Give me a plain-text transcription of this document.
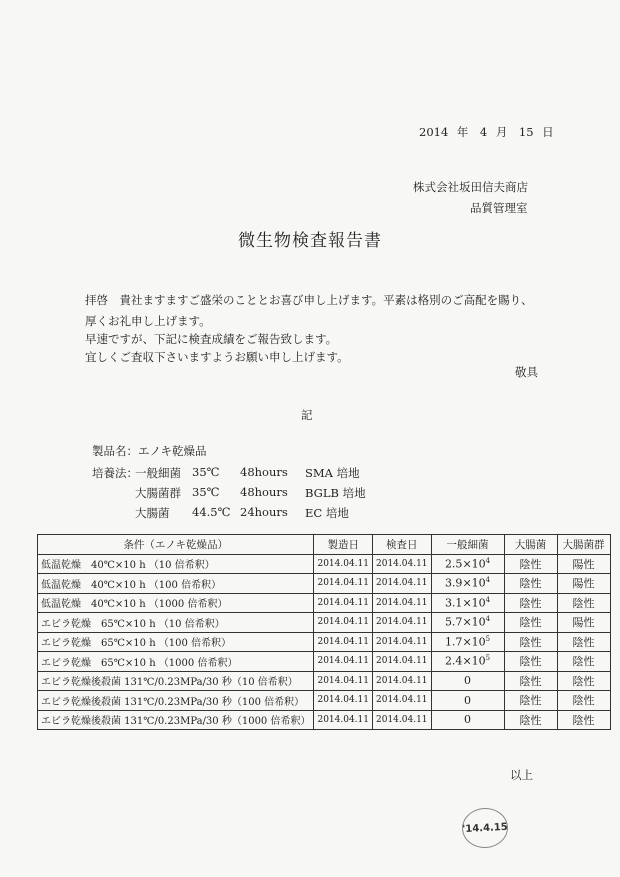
2014 年　4 月　15 日
株式会社坂田信夫商店
品質管理室
微生物検査報告書
拝啓　貴社ますますご盛栄のこととお喜び申し上げます。平素は格別のご高配を賜り、
厚くお礼申し上げます。
早速ですが、下記に検査成績をご報告致します。
宜しくご査収下さいますようお願い申し上げます。
敬具
記
製品名：エノキ乾燥品
培養法：
一般細菌 35℃ 48hours SMA 培地
大腸菌群 35℃ 48hours BGLB 培地
大腸菌 44.5℃ 24hours EC 培地
条件（エノキ乾燥品）	製造日	検査日	一般細菌	大腸菌	大腸菌群
低温乾燥　40℃×10 h （10 倍希釈）	2014.04.11	2014.04.11	$2.5\times 10^4$	陰性	陽性
低温乾燥　40℃×10 h （100 倍希釈）	2014.04.11	2014.04.11	$3.9\times 10^4$	陰性	陽性
低温乾燥　40℃×10 h （1000 倍希釈）	2014.04.11	2014.04.11	$3.1\times 10^4$	陰性	陰性
エビラ乾燥　65℃×10 h （10 倍希釈）	2014.04.11	2014.04.11	$5.7\times 10^4$	陰性	陽性
エビラ乾燥　65℃×10 h （100 倍希釈）	2014.04.11	2014.04.11	$1.7\times 10^5$	陰性	陰性
エビラ乾燥　65℃×10 h （1000 倍希釈）	2014.04.11	2014.04.11	$2.4\times 10^5$	陰性	陰性
エビラ乾燥後殺菌 131℃/0.23MPa/30 秒（10 倍希釈）	2014.04.11	2014.04.11	0	陰性	陰性
エビラ乾燥後殺菌 131℃/0.23MPa/30 秒（100 倍希釈）	2014.04.11	2014.04.11	0	陰性	陰性
エビラ乾燥後殺菌 131℃/0.23MPa/30 秒（1000 倍希釈）	2014.04.11	2014.04.11	0	陰性	陰性
以上
'14.4.15
